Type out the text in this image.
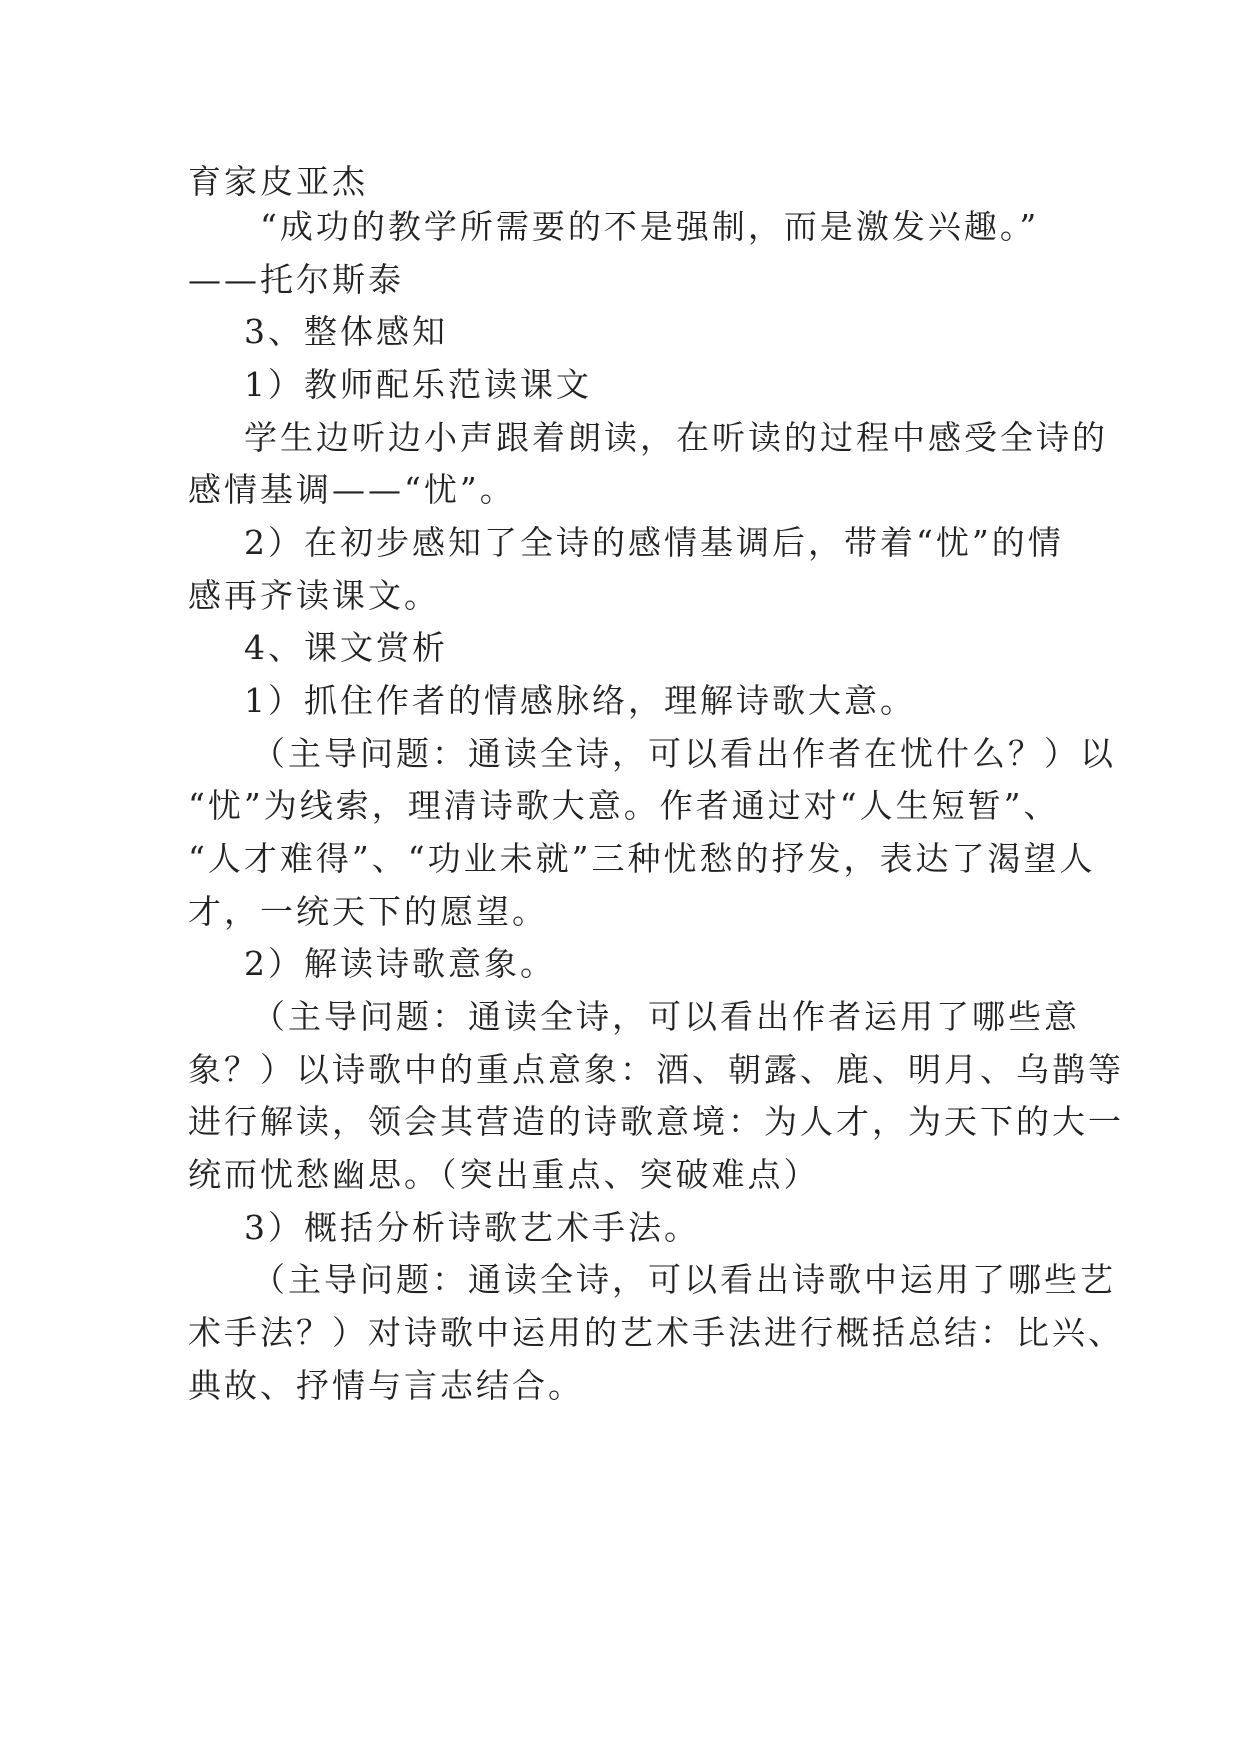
育家皮亚杰
“成功的教学所需要的不是强制，而是激发兴趣。”
——托尔斯泰
3、整体感知
1）教师配乐范读课文
学生边听边小声跟着朗读，在听读的过程中感受全诗的
感情基调——“忧”。
2）在初步感知了全诗的感情基调后，带着“忧”的情
感再齐读课文。
4、课文赏析
1）抓住作者的情感脉络，理解诗歌大意。
（主导问题：通读全诗，可以看出作者在忧什么？）以
“忧”为线索，理清诗歌大意。作者通过对“人生短暂”、
“人才难得”、“功业未就”三种忧愁的抒发，表达了渴望人
才，一统天下的愿望。
2）解读诗歌意象。
（主导问题：通读全诗，可以看出作者运用了哪些意
象？）以诗歌中的重点意象：酒、朝露、鹿、明月、乌鹊等
进行解读，领会其营造的诗歌意境：为人才，为天下的大一
统而忧愁幽思。（突出重点、突破难点）
3）概括分析诗歌艺术手法。
（主导问题：通读全诗，可以看出诗歌中运用了哪些艺
术手法？）对诗歌中运用的艺术手法进行概括总结：比兴、
典故、抒情与言志结合。
